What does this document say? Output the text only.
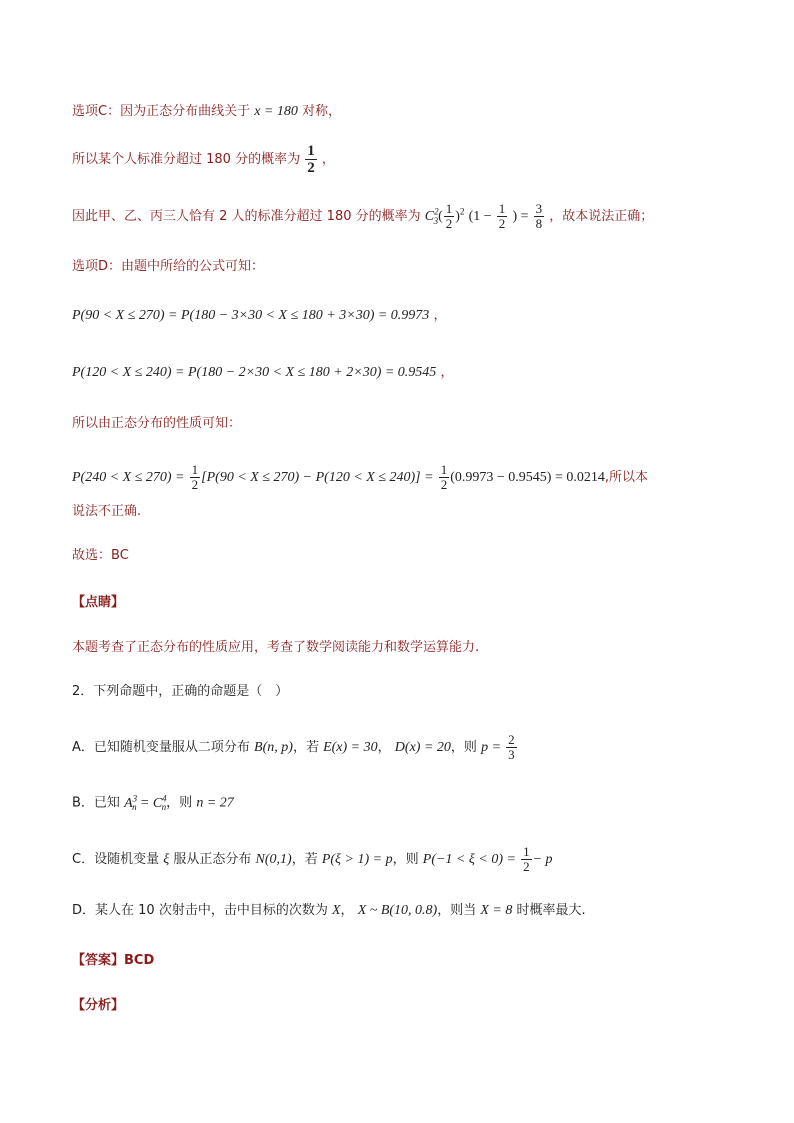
选项C：因为正态分布曲线关于 x = 180 对称，
所以某个人标准分超过 180 分的概率为 $\frac{1}{2}$ ，
因此甲、乙、丙三人恰有 2 人的标准分超过 180 分的概率为 $C^2_3( \frac{1}{2} )^2$ ($1 - \frac{1}{2}$ ) = $\frac{3}{8}$ ，故本说法正确；
选项D：由题中所给的公式可知：
P(90 < X ≤ 270) = P(180 − 3×30 < X ≤ 180 + 3×30) = 0.9973 ，
P(120 < X ≤ 240) = P(180 − 2×30 < X ≤ 180 + 2×30) = 0.9545 ，
所以由正态分布的性质可知：
$P(240 < X \le 270) = \frac{1}{2} [P(90 < X \le 270) - P(120 < X \le 240)] = \frac{1}{2} (0.9973 - 0.9545) = 0.0214$,所以本
说法不正确.
故选：BC
【点睛】
本题考查了正态分布的性质应用，考查了数学阅读能力和数学运算能力.
2．下列命题中，正确的命题是（　）
A．已知随机变量服从二项分布 B(n, p)，若 E(x) = 30， D(x) = 20，则 $p = \frac{2}{3}$
B．已知 $A^3_n = C^4_n$，则 n = 27
C．设随机变量 ξ 服从正态分布 N(0,1)，若 P(ξ > 1) = p，则 $P(-1 < \xi < 0) = \frac{1}{2} - p$
D．某人在 10 次射击中，击中目标的次数为 X， X ~ B(10, 0.8)，则当 X = 8 时概率最大.
【答案】BCD
【分析】
